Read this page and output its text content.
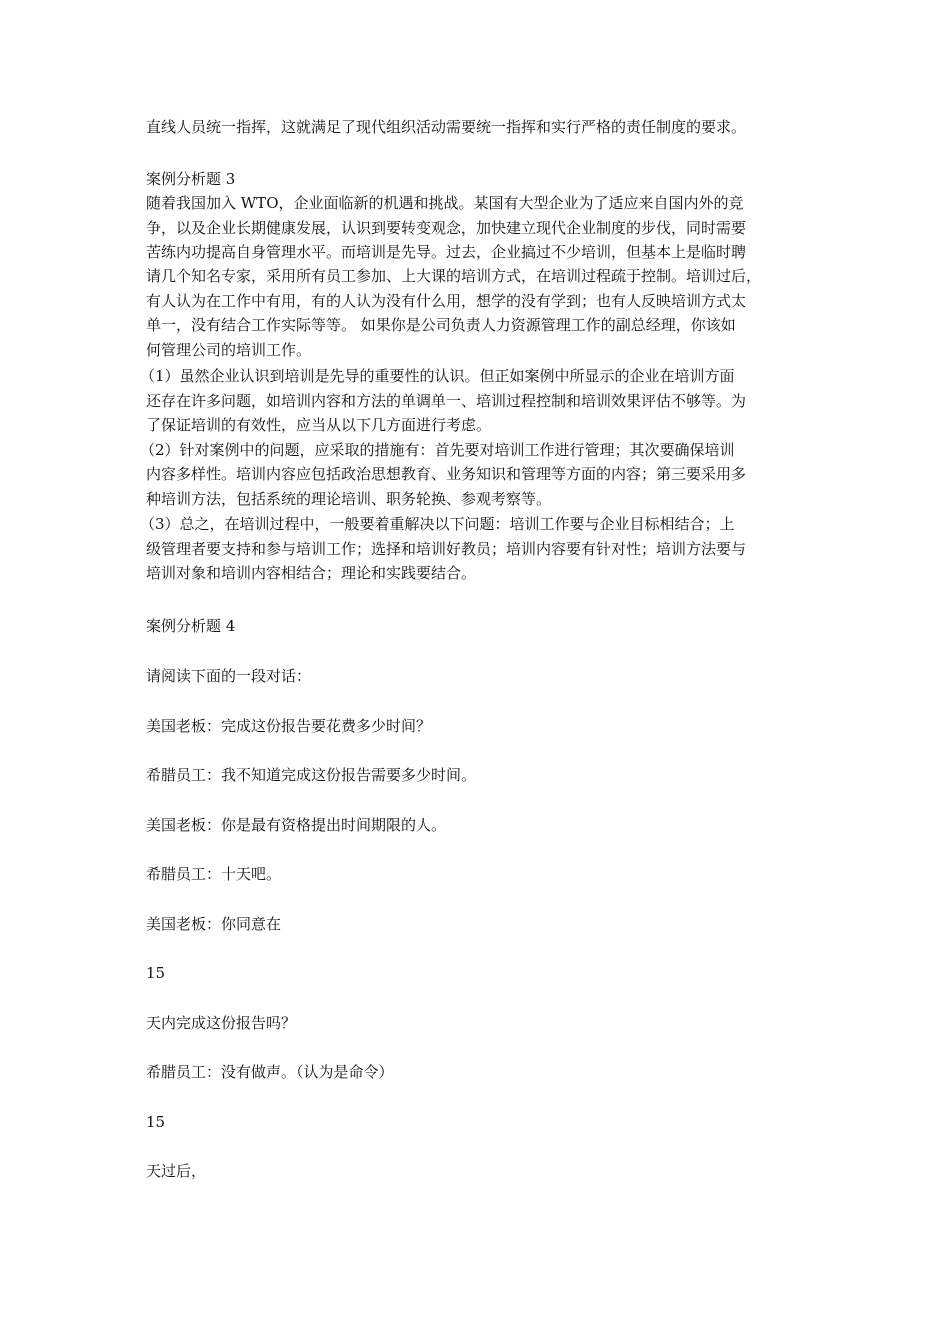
直线人员统一指挥，这就满足了现代组织活动需要统一指挥和实行严格的责任制度的要求。
案例分析题 3
随着我国加入 WTO，企业面临新的机遇和挑战。某国有大型企业为了适应来自国内外的竞
争，以及企业长期健康发展，认识到要转变观念，加快建立现代企业制度的步伐，同时需要
苦练内功提高自身管理水平。而培训是先导。过去，企业搞过不少培训，但基本上是临时聘
请几个知名专家，采用所有员工参加、上大课的培训方式，在培训过程疏于控制。培训过后，
有人认为在工作中有用，有的人认为没有什么用，想学的没有学到；也有人反映培训方式太
单一，没有结合工作实际等等。 如果你是公司负责人力资源管理工作的副总经理，你该如
何管理公司的培训工作。
（1）虽然企业认识到培训是先导的重要性的认识。但正如案例中所显示的企业在培训方面
还存在许多问题，如培训内容和方法的单调单一、培训过程控制和培训效果评估不够等。为
了保证培训的有效性，应当从以下几方面进行考虑。
（2）针对案例中的问题，应采取的措施有：首先要对培训工作进行管理；其次要确保培训
内容多样性。培训内容应包括政治思想教育、业务知识和管理等方面的内容；第三要采用多
种培训方法，包括系统的理论培训、职务轮换、参观考察等。
（3）总之，在培训过程中，一般要着重解决以下问题：培训工作要与企业目标相结合；上
级管理者要支持和参与培训工作；选择和培训好教员；培训内容要有针对性；培训方法要与
培训对象和培训内容相结合；理论和实践要结合。
案例分析题 4
请阅读下面的一段对话：
美国老板：完成这份报告要花费多少时间？
希腊员工：我不知道完成这份报告需要多少时间。
美国老板：你是最有资格提出时间期限的人。
希腊员工：十天吧。
美国老板：你同意在
15
天内完成这份报告吗？
希腊员工：没有做声。（认为是命令）
15
天过后，
